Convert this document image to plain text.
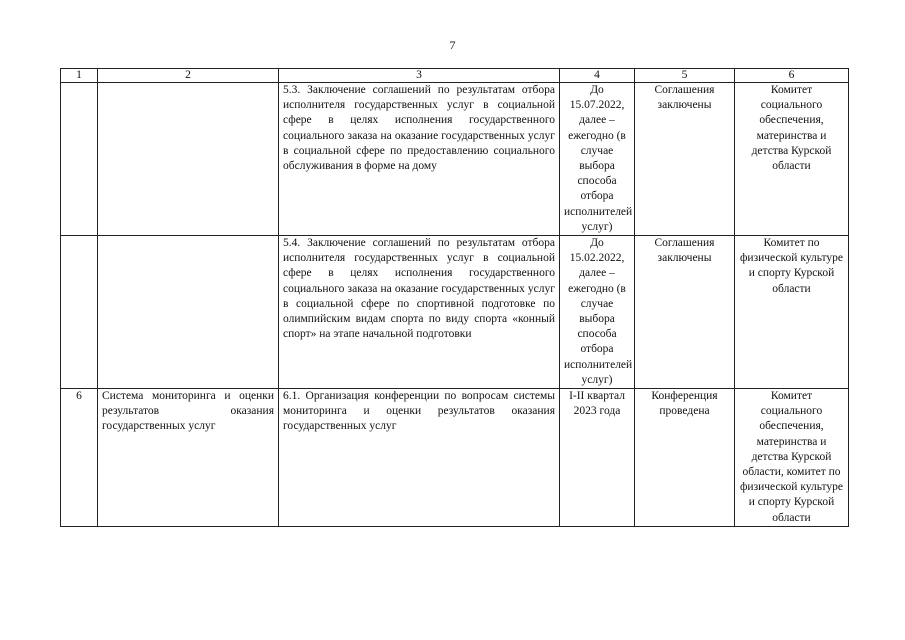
7
1	2	3	4	5	6
		5.3. Заключение соглашений по результатам отбора исполнителя государственных услуг в социальной сфере в целях исполнения государственного социального заказа на оказание государственных услуг в социальной сфере по предоставлению социального обслуживания в форме на дому	До 15.07.2022, далее – ежегодно (в случае выбора способа отбора исполнителей услуг)	Соглашения заключены	Комитет социального обеспечения, материнства и детства Курской области
		5.4. Заключение соглашений по результатам отбора исполнителя государственных услуг в социальной сфере в целях исполнения государственного социального заказа на оказание государственных услуг в социальной сфере по спортивной подготовке по олимпийским видам спорта по виду спорта «конный спорт» на этапе начальной подготовки	До 15.02.2022, далее – ежегодно (в случае выбора способа отбора исполнителей услуг)	Соглашения заключены	Комитет по физической культуре и спорту Курской области
6	Система мониторинга и оценки результатов оказания государственных услуг	6.1. Организация конференции по вопросам системы мониторинга и оценки результатов оказания государственных услуг	I-II квартал 2023 года	Конференция проведена	Комитет социального обеспечения, материнства и детства Курской области, комитет по физической культуре и спорту Курской области
